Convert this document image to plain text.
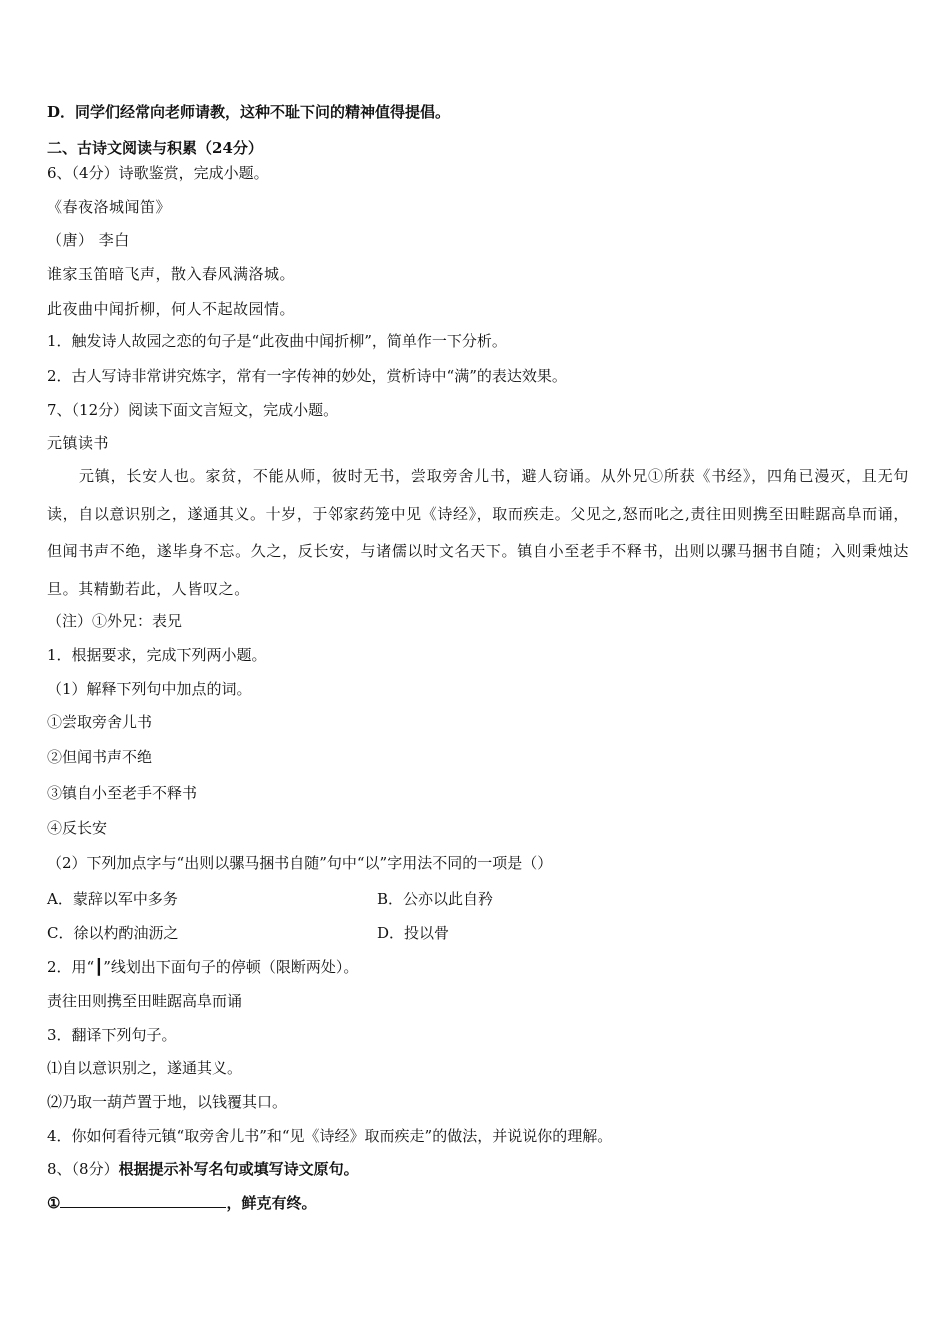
D．同学们经常向老师请教，这种不耻下问的精神值得提倡。
二、古诗文阅读与积累（24分）
6、（4分）诗歌鉴赏，完成小题。
《春夜洛城闻笛》
（唐） 李白
谁家玉笛暗飞声，散入春风满洛城。
此夜曲中闻折柳，何人不起故园情。
1．触发诗人故园之恋的句子是“此夜曲中闻折柳”，简单作一下分析。
2．古人写诗非常讲究炼字，常有一字传神的妙处，赏析诗中“满”的表达效果。
7、（12分）阅读下面文言短文，完成小题。
元镇读书
元镇，长安人也。家贫，不能从师，彼时无书，尝取旁舍儿书，避人窃诵。从外兄①所获《书经》，四角已漫灭，且无句读，自以意识别之，遂通其义。十岁，于邻家药笼中见《诗经》，取而疾走。父见之,怒而叱之,责往田则携至田畦踞高阜而诵，但闻书声不绝，遂毕身不忘。久之，反长安，与诸儒以时文名天下。镇自小至老手不释书，出则以骡马捆书自随；入则秉烛达旦。其精勤若此，人皆叹之。
（注）①外兄：表兄
1．根据要求，完成下列两小题。
（1）解释下列句中加点的词。
①尝取旁舍儿书
②但闻书声不绝
③镇自小至老手不释书
④反长安
（2）下列加点字与“出则以骡马捆书自随”句中“以”字用法不同的一项是（）
A．蒙辞以军中多务	B．公亦以此自矜
C．徐以杓酌油沥之	D．投以骨
2．用“┃”线划出下面句子的停顿（限断两处）。
责往田则携至田畦踞高阜而诵
3．翻译下列句子。
⑴自以意识别之，遂通其义。
⑵乃取一葫芦置于地，以钱覆其口。
4．你如何看待元镇“取旁舍儿书”和“见《诗经》取而疾走”的做法，并说说你的理解。
8、（8分）根据提示补写名句或填写诗文原句。
①	，鲜克有终。
